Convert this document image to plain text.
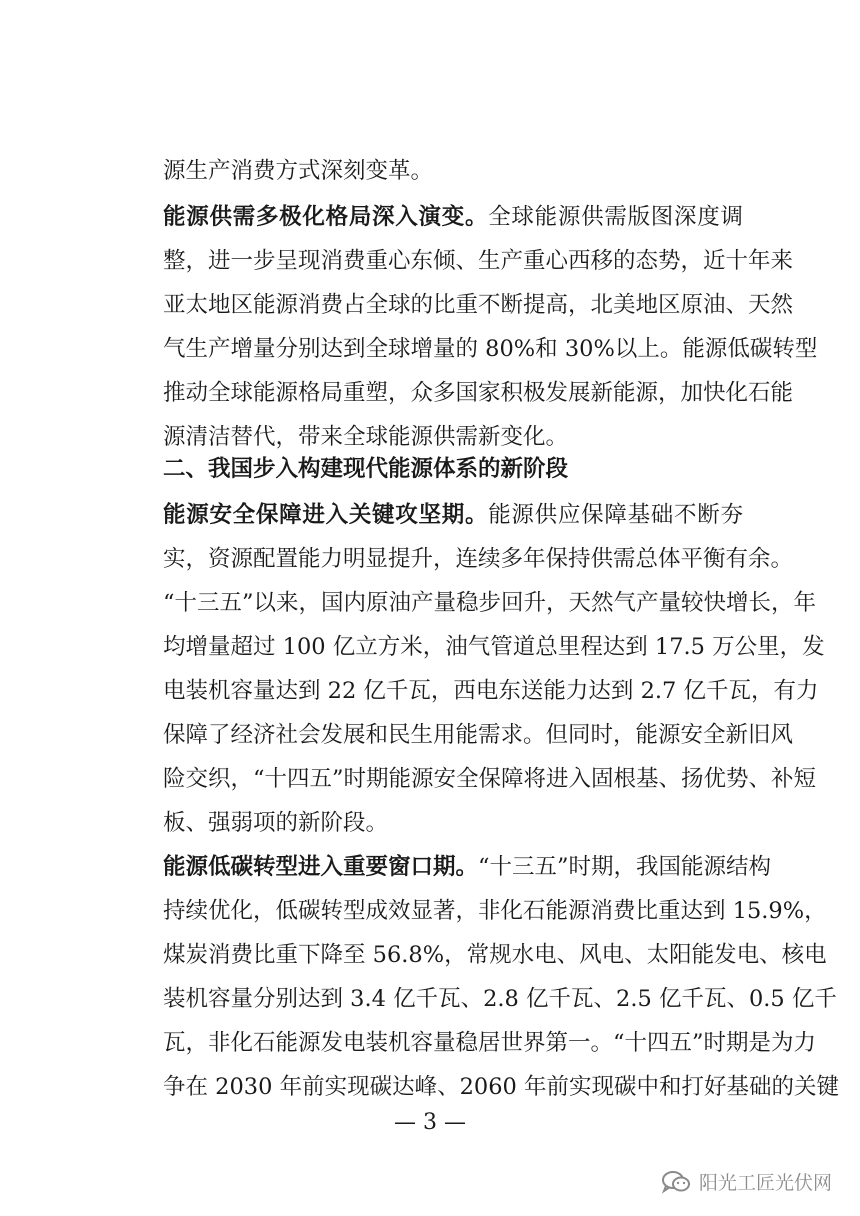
源生产消费方式深刻变革。
能源供需多极化格局深入演变。全球能源供需版图深度调
整，进一步呈现消费重心东倾、生产重心西移的态势，近十年来
亚太地区能源消费占全球的比重不断提高，北美地区原油、天然
气生产增量分别达到全球增量的 80%和 30%以上。能源低碳转型
推动全球能源格局重塑，众多国家积极发展新能源，加快化石能
源清洁替代，带来全球能源供需新变化。
二、我国步入构建现代能源体系的新阶段
能源安全保障进入关键攻坚期。能源供应保障基础不断夯
实，资源配置能力明显提升，连续多年保持供需总体平衡有余。
“十三五”以来，国内原油产量稳步回升，天然气产量较快增长，年
均增量超过 100 亿立方米，油气管道总里程达到 17.5 万公里，发
电装机容量达到 22 亿千瓦，西电东送能力达到 2.7 亿千瓦，有力
保障了经济社会发展和民生用能需求。但同时，能源安全新旧风
险交织，“十四五”时期能源安全保障将进入固根基、扬优势、补短
板、强弱项的新阶段。
能源低碳转型进入重要窗口期。“十三五”时期，我国能源结构
持续优化，低碳转型成效显著，非化石能源消费比重达到 15.9%，
煤炭消费比重下降至 56.8%，常规水电、风电、太阳能发电、核电
装机容量分别达到 3.4 亿千瓦、2.8 亿千瓦、2.5 亿千瓦、0.5 亿千
瓦，非化石能源发电装机容量稳居世界第一。“十四五”时期是为力
争在 2030 年前实现碳达峰、2060 年前实现碳中和打好基础的关键
— 3 —
阳光工匠光伏网
